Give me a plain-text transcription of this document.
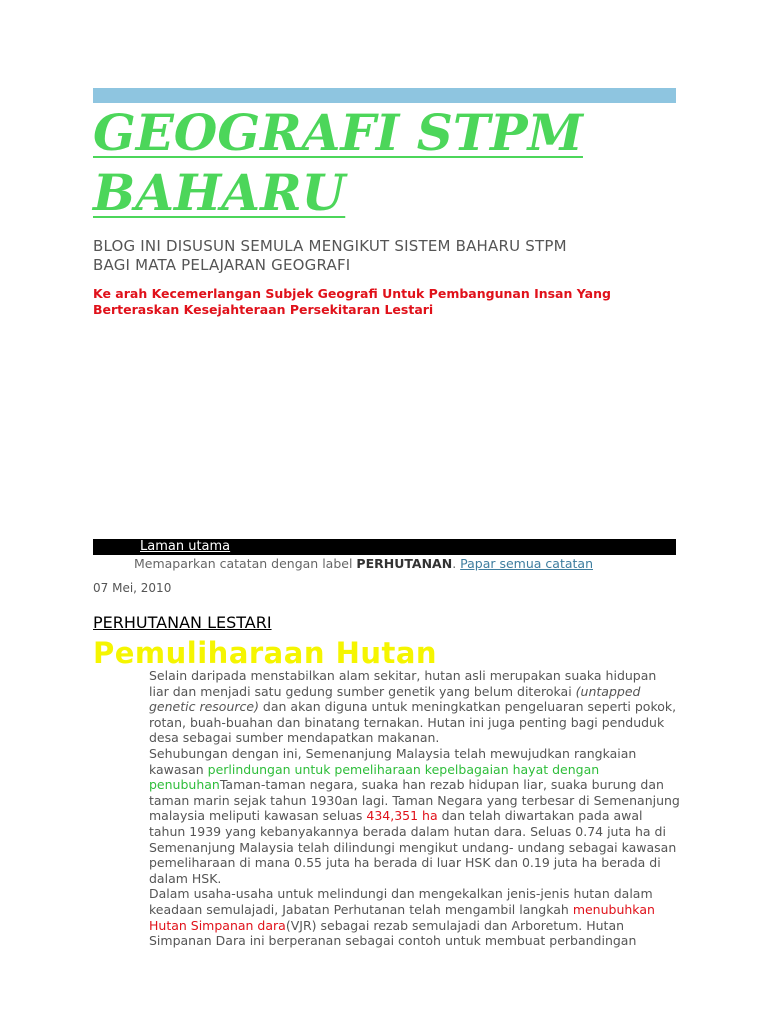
GEOGRAFI STPM
BAHARU
BLOG INI DISUSUN SEMULA MENGIKUT SISTEM BAHARU STPM
BAGI MATA PELAJARAN GEOGRAFI
Ke arah Kecemerlangan Subjek Geografi Untuk Pembangunan Insan Yang
Berteraskan Kesejahteraan Persekitaran Lestari
•	Laman utama
Memaparkan catatan dengan label PERHUTANAN. Papar semua catatan
07 Mei, 2010
PERHUTANAN LESTARI
Pemuliharaan Hutan
Selain daripada menstabilkan alam sekitar, hutan asli merupakan suaka hidupan
liar dan menjadi satu gedung sumber genetik yang belum diterokai (untapped genetic resource) dan akan diguna untuk meningkatkan pengeluaran seperti pokok, rotan, buah-buahan dan binatang ternakan. Hutan ini juga penting bagi penduduk desa sebagai sumber mendapatkan makanan.
Sehubungan dengan ini, Semenanjung Malaysia telah mewujudkan rangkaian kawasan perlindungan untuk pemeliharaan kepelbagaian hayat dengan penubuhanTaman-taman negara, suaka han rezab hidupan liar, suaka burung dan taman marin sejak tahun 1930an lagi. Taman Negara yang terbesar di Semenanjung malaysia meliputi kawasan seluas 434,351 ha dan telah diwartakan pada awal tahun 1939 yang kebanyakannya berada dalam hutan dara. Seluas 0.74 juta ha di Semenanjung Malaysia telah dilindungi mengikut undang- undang sebagai kawasan pemeliharaan di mana 0.55 juta ha berada di luar HSK dan 0.19 juta ha berada di dalam HSK.
Dalam usaha-usaha untuk melindungi dan mengekalkan jenis-jenis hutan dalam keadaan semulajadi, Jabatan Perhutanan telah mengambil langkah menubuhkan Hutan Simpanan dara(VJR) sebagai rezab semulajadi dan Arboretum. Hutan Simpanan Dara ini berperanan sebagai contoh untuk membuat perbandingan
